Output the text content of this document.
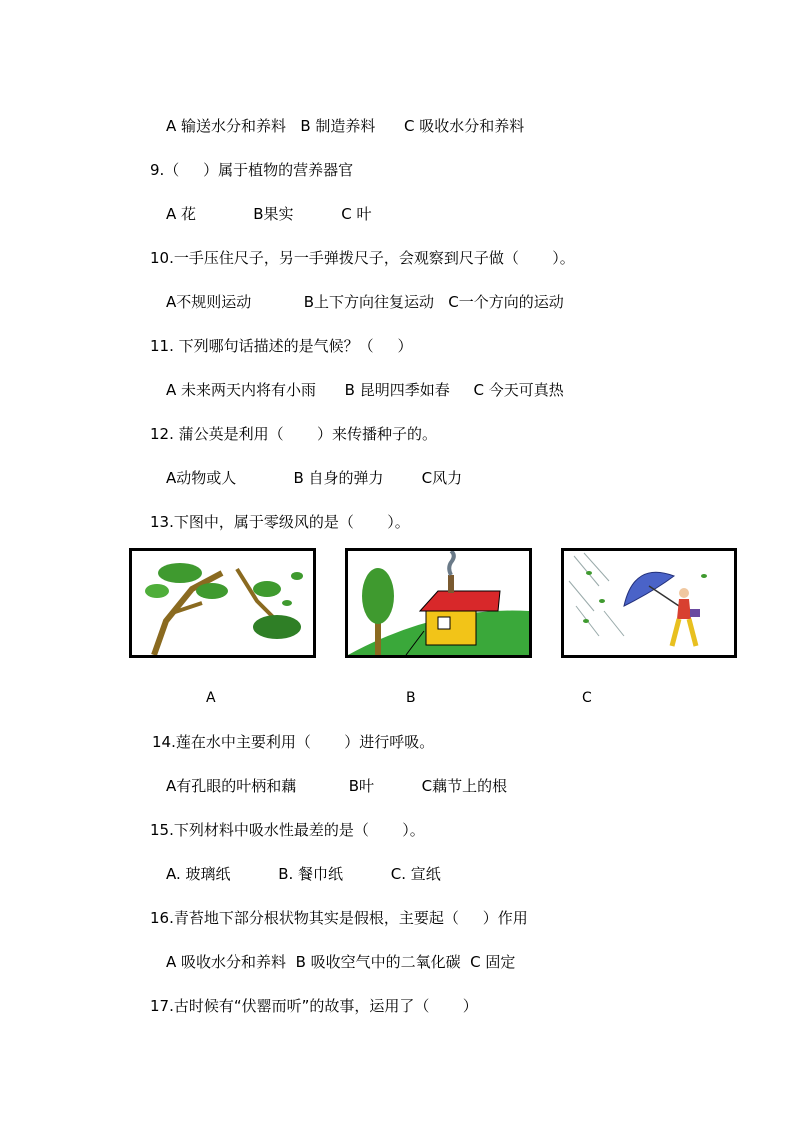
A 输送水分和养料   B 制造养料      C 吸收水分和养料
9.（     ）属于植物的营养器官
A 花            B果实          C 叶
10.一手压住尺子，另一手弹拨尺子，会观察到尺子做（       ）。
A不规则运动           B上下方向往复运动   C一个方向的运动
11. 下列哪句话描述的是气候？（     ）
A 未来两天内将有小雨      B 昆明四季如春     C 今天可真热
12. 蒲公英是利用（       ）来传播种子的。
A动物或人            B 自身的弹力        C风力
13.下图中，属于零级风的是（       ）。
A	B	C
14.莲在水中主要利用（       ）进行呼吸。
A有孔眼的叶柄和藕           B叶          C藕节上的根
15.下列材料中吸水性最差的是（       ）。
A. 玻璃纸          B. 餐巾纸          C. 宣纸
16.青苔地下部分根状物其实是假根，主要起（     ）作用
A 吸收水分和养料  B 吸收空气中的二氧化碳  C 固定
17.古时候有“伏罂而听”的故事，运用了（       ）
